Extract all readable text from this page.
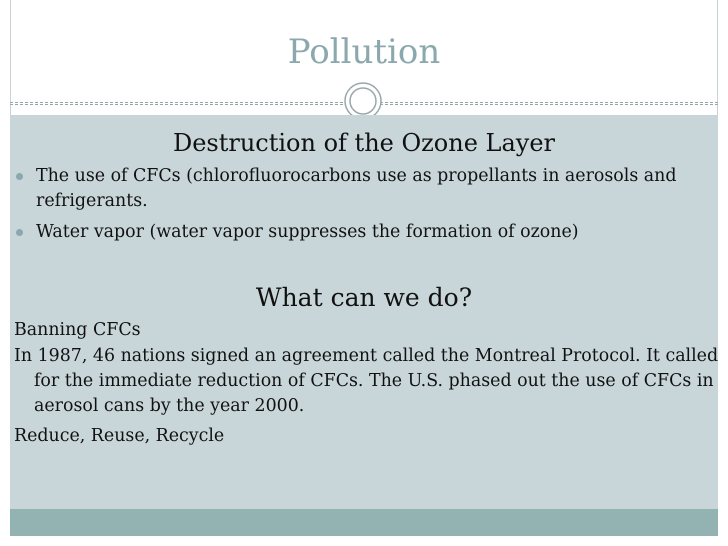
Pollution
Destruction of the Ozone Layer
The use of CFCs (chlorofluorocarbons use as propellants in aerosols and refrigerants.
Water vapor (water vapor suppresses the formation of ozone)
What can we do?

Banning CFCs

In 1987, 46 nations signed an agreement called the Montreal Protocol. It called for the immediate reduction of CFCs. The U.S. phased out the use of CFCs in aerosol cans by the year 2000.

Reduce, Reuse, Recycle
